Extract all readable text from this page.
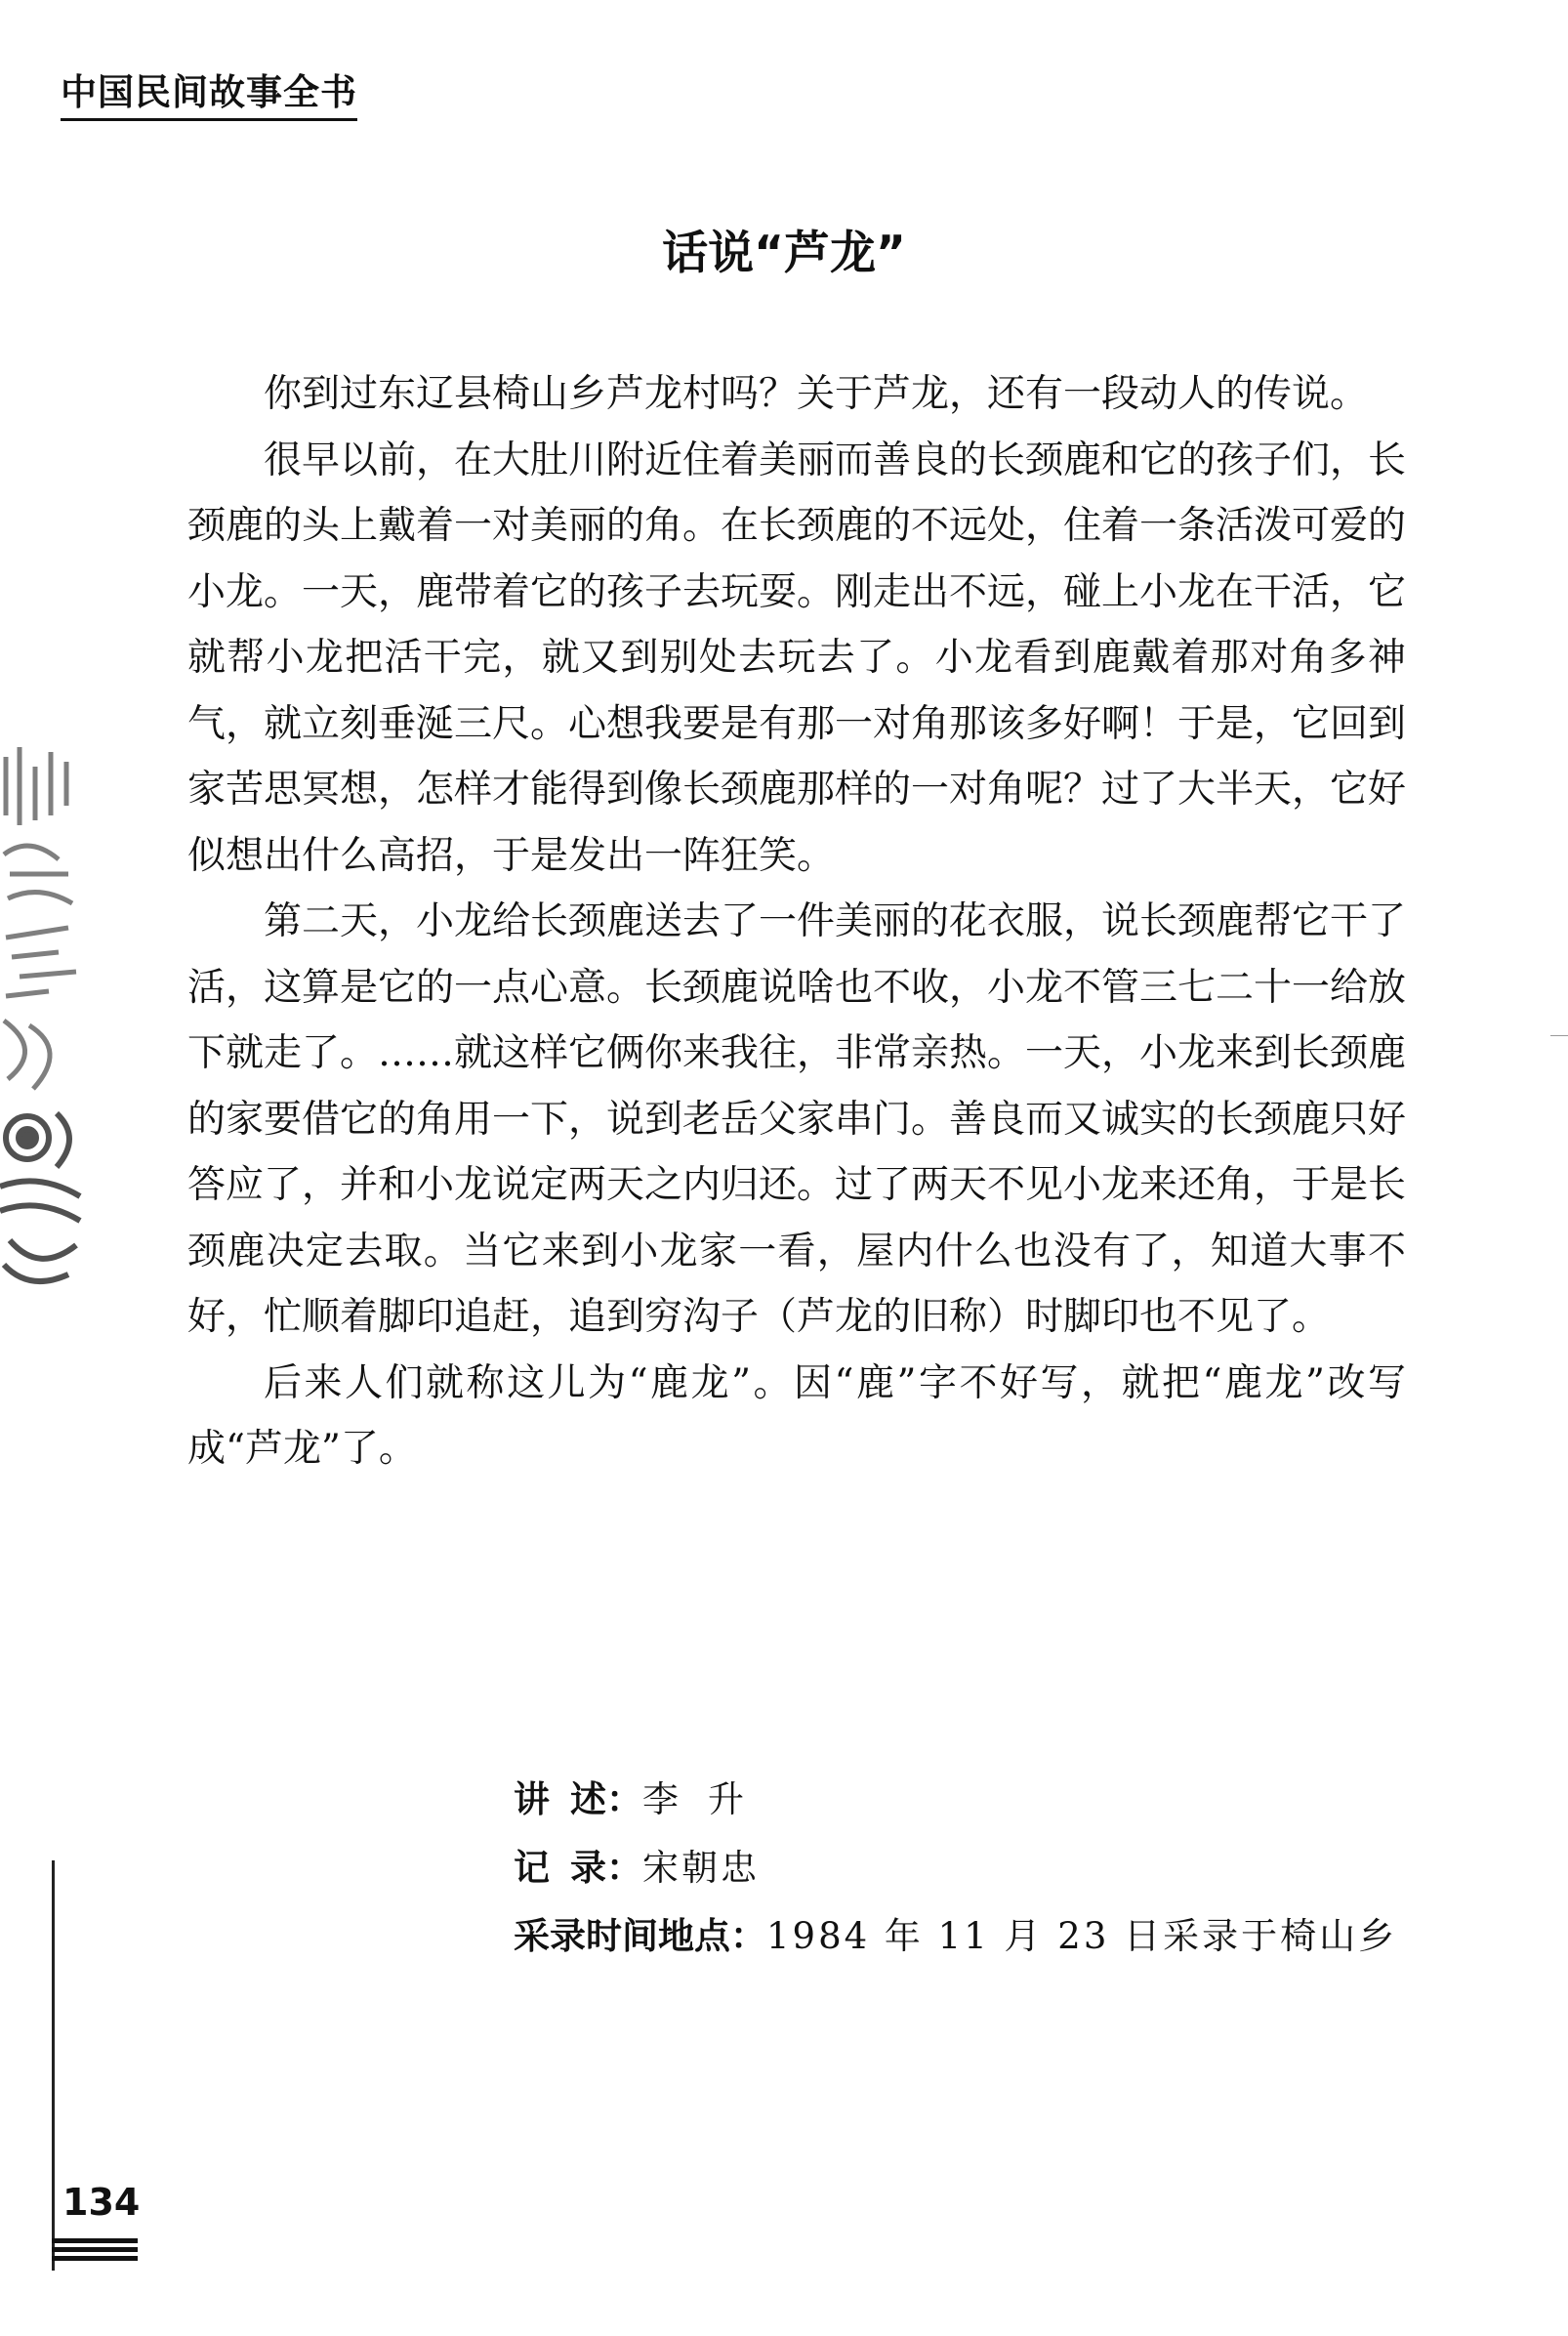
中国民间故事全书
话说“芦龙”

你到过东辽县椅山乡芦龙村吗？关于芦龙，还有一段动人的传说。

很早以前，在大肚川附近住着美丽而善良的长颈鹿和它的孩子们，长颈鹿的头上戴着一对美丽的角。在长颈鹿的不远处，住着一条活泼可爱的小龙。一天，鹿带着它的孩子去玩耍。刚走出不远，碰上小龙在干活，它就帮小龙把活干完，就又到别处去玩去了。小龙看到鹿戴着那对角多神气，就立刻垂涎三尺。心想我要是有那一对角那该多好啊！于是，它回到家苦思冥想，怎样才能得到像长颈鹿那样的一对角呢？过了大半天，它好似想出什么高招，于是发出一阵狂笑。

第二天，小龙给长颈鹿送去了一件美丽的花衣服，说长颈鹿帮它干了活，这算是它的一点心意。长颈鹿说啥也不收，小龙不管三七二十一给放下就走了。……就这样它俩你来我往，非常亲热。一天，小龙来到长颈鹿的家要借它的角用一下，说到老岳父家串门。善良而又诚实的长颈鹿只好答应了，并和小龙说定两天之内归还。过了两天不见小龙来还角，于是长颈鹿决定去取。当它来到小龙家一看，屋内什么也没有了，知道大事不好，忙顺着脚印追赶，追到穷沟子（芦龙的旧称）时脚印也不见了。

后来人们就称这儿为“鹿龙”。因“鹿”字不好写，就把“鹿龙”改写成“芦龙”了。

讲 述： 李升
记 录： 宋朝忠
采录时间地点： 1984 年 11 月 23 日采录于椅山乡
134
